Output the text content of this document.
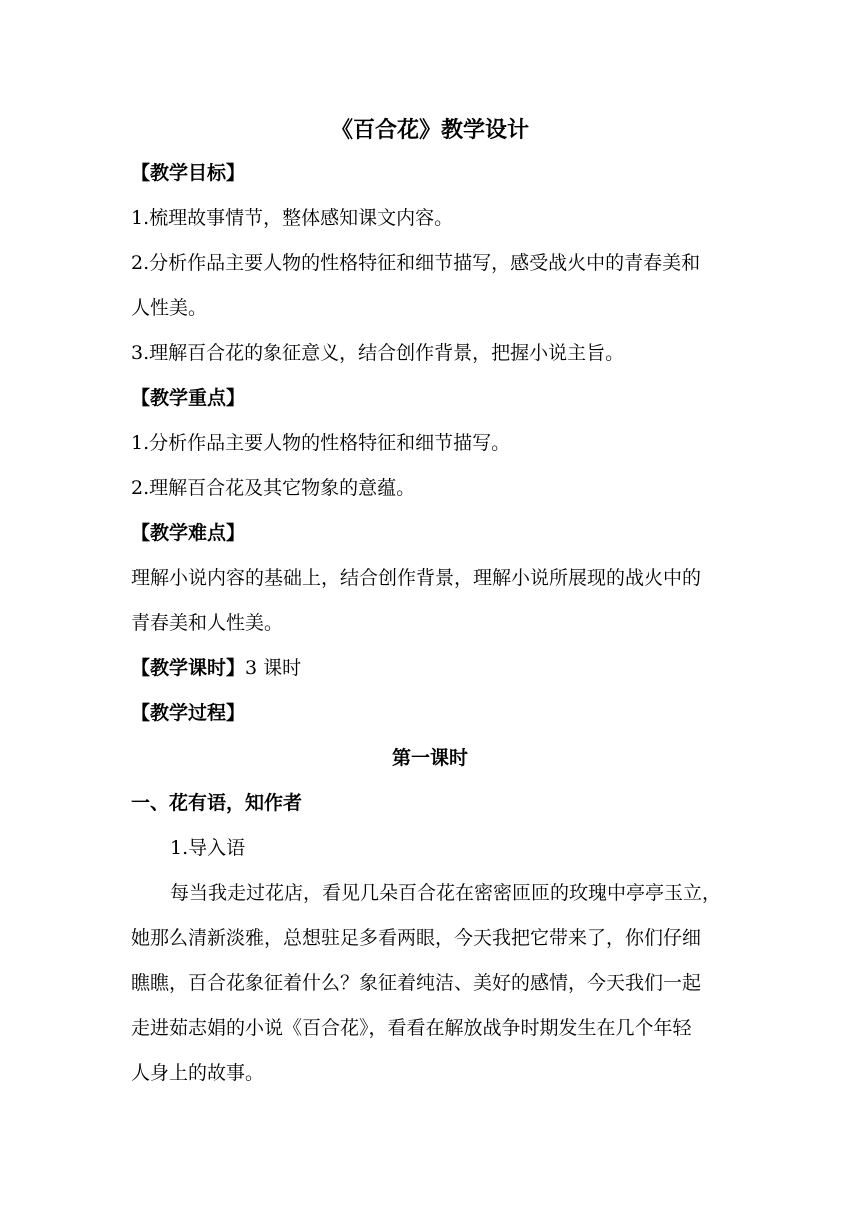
《百合花》教学设计
【教学目标】
1.梳理故事情节，整体感知课文内容。
2.分析作品主要人物的性格特征和细节描写，感受战火中的青春美和
人性美。
3.理解百合花的象征意义，结合创作背景，把握小说主旨。
【教学重点】
1.分析作品主要人物的性格特征和细节描写。
2.理解百合花及其它物象的意蕴。
【教学难点】
理解小说内容的基础上，结合创作背景，理解小说所展现的战火中的
青春美和人性美。
【教学课时】3 课时
【教学过程】
第一课时
一、花有语，知作者
1.导入语
每当我走过花店，看见几朵百合花在密密匝匝的玫瑰中亭亭玉立，
她那么清新淡雅，总想驻足多看两眼，今天我把它带来了，你们仔细
瞧瞧，百合花象征着什么？象征着纯洁、美好的感情，今天我们一起
走进茹志娟的小说《百合花》，看看在解放战争时期发生在几个年轻
人身上的故事。
